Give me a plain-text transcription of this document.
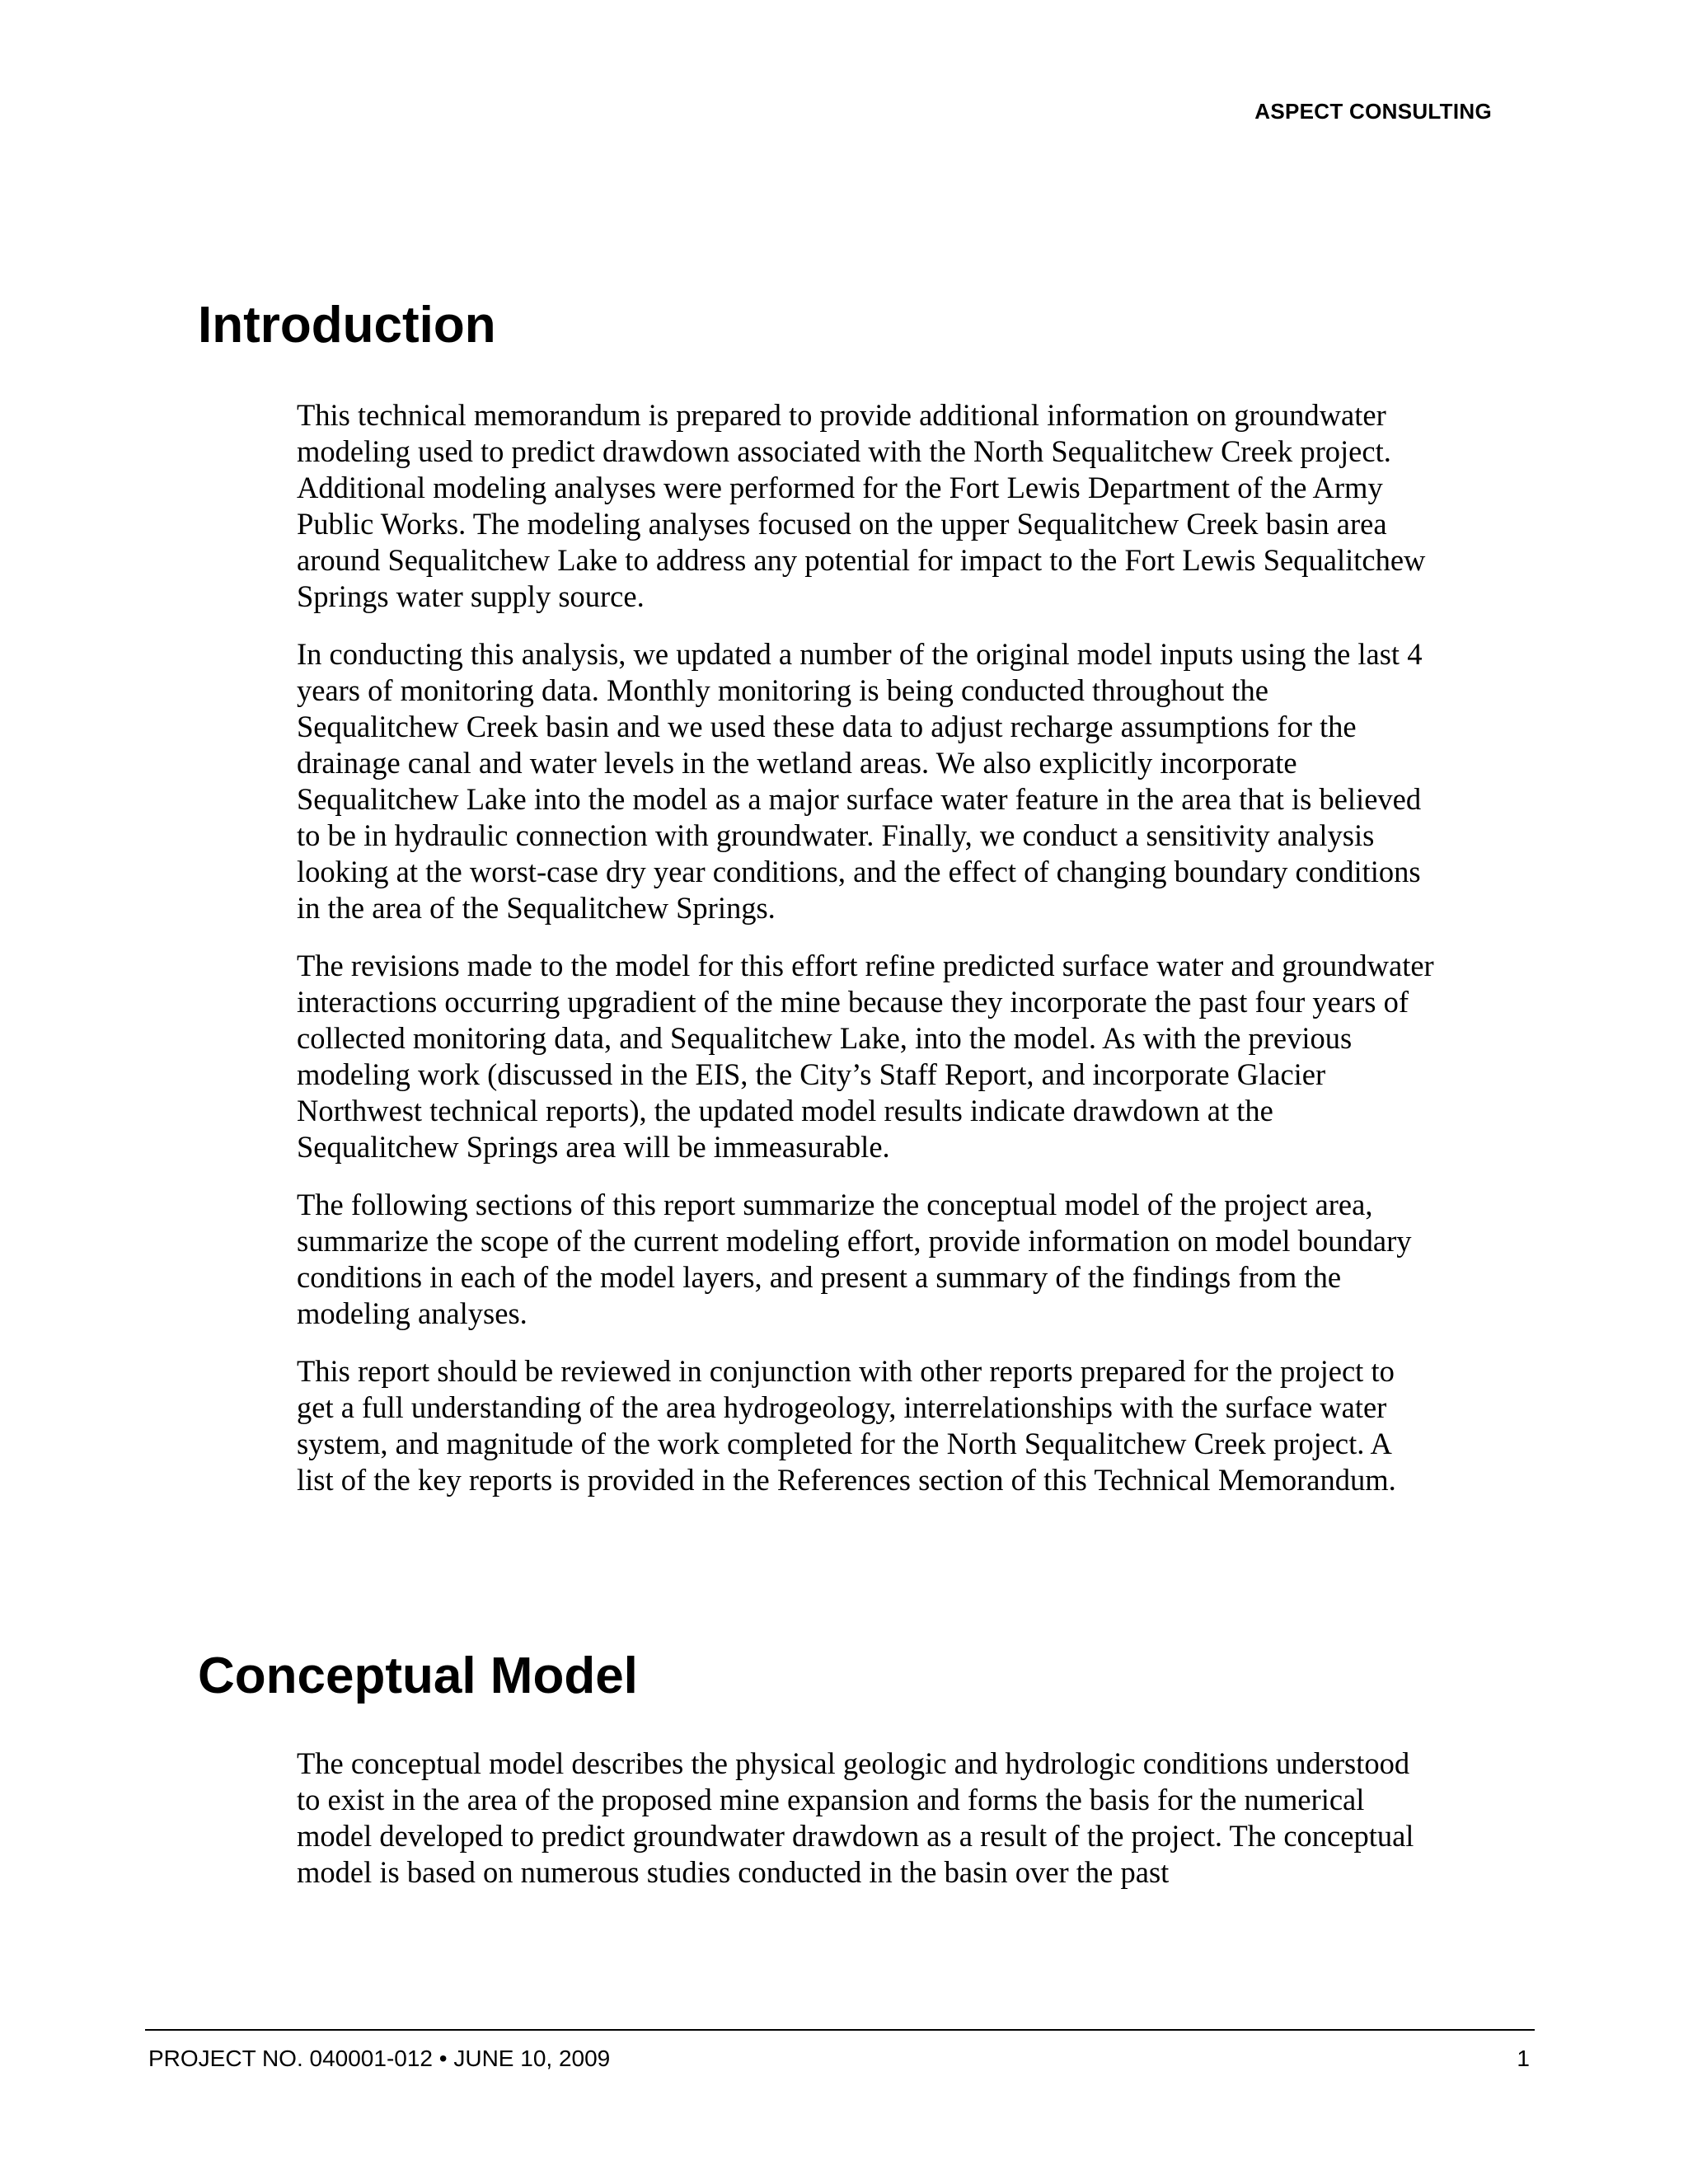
ASPECT CONSULTING
Introduction

This technical memorandum is prepared to provide additional information on groundwater modeling used to predict drawdown associated with the North Sequalitchew Creek project. Additional modeling analyses were performed for the Fort Lewis Department of the Army Public Works. The modeling analyses focused on the upper Sequalitchew Creek basin area around Sequalitchew Lake to address any potential for impact to the Fort Lewis Sequalitchew Springs water supply source.

In conducting this analysis, we updated a number of the original model inputs using the last 4 years of monitoring data. Monthly monitoring is being conducted throughout the Sequalitchew Creek basin and we used these data to adjust recharge assumptions for the drainage canal and water levels in the wetland areas. We also explicitly incorporate Sequalitchew Lake into the model as a major surface water feature in the area that is believed to be in hydraulic connection with groundwater. Finally, we conduct a sensitivity analysis looking at the worst-case dry year conditions, and the effect of changing boundary conditions in the area of the Sequalitchew Springs.

The revisions made to the model for this effort refine predicted surface water and groundwater interactions occurring upgradient of the mine because they incorporate the past four years of collected monitoring data, and Sequalitchew Lake, into the model. As with the previous modeling work (discussed in the EIS, the City’s Staff Report, and incorporate Glacier Northwest technical reports), the updated model results indicate drawdown at the Sequalitchew Springs area will be immeasurable.

The following sections of this report summarize the conceptual model of the project area, summarize the scope of the current modeling effort, provide information on model boundary conditions in each of the model layers, and present a summary of the findings from the modeling analyses.

This report should be reviewed in conjunction with other reports prepared for the project to get a full understanding of the area hydrogeology, interrelationships with the surface water system, and magnitude of the work completed for the North Sequalitchew Creek project. A list of the key reports is provided in the References section of this Technical Memorandum.

Conceptual Model

The conceptual model describes the physical geologic and hydrologic conditions understood to exist in the area of the proposed mine expansion and forms the basis for the numerical model developed to predict groundwater drawdown as a result of the project. The conceptual model is based on numerous studies conducted in the basin over the past

PROJECT NO. 040001-012 • JUNE 10, 2009	1
